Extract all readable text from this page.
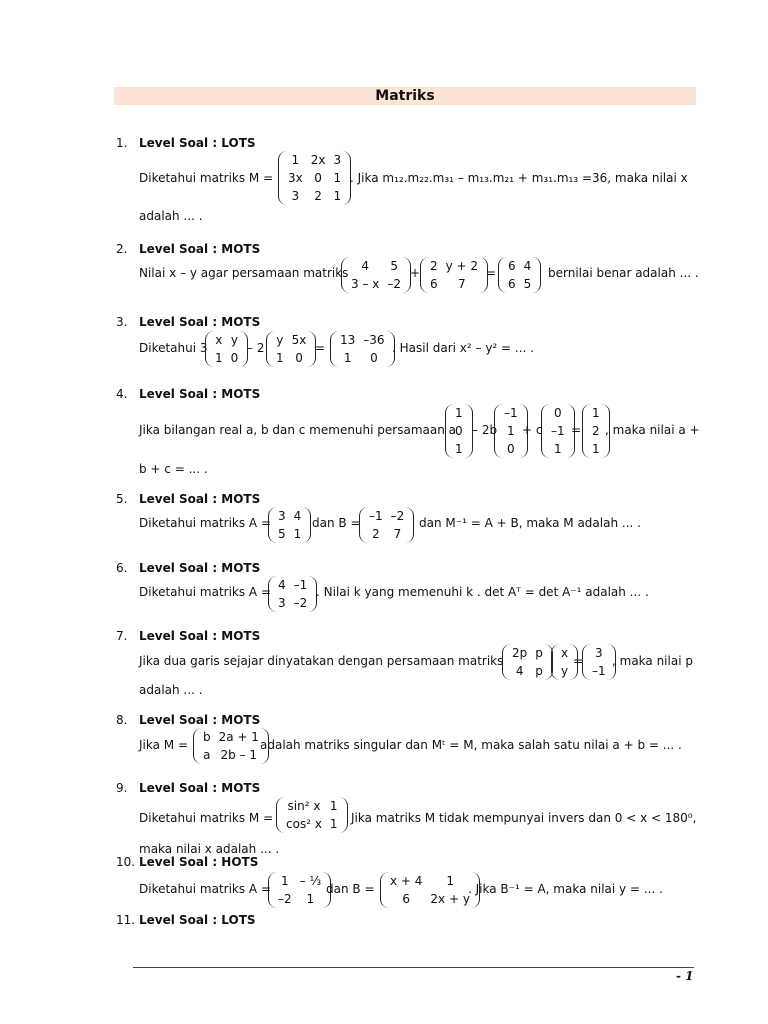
Matriks
1. Level Soal : LOTS
Diketahui matriks M =
1	2x	3
3x	0	1
3	2	1
. Jika m₁₂.m₂₂.m₃₁ – m₁₃.m₂₁ + m₃₁.m₁₃ =36, maka nilai x
adalah ... .
2. Level Soal : MOTS
Nilai x – y agar persamaan matriks 4	5
3 – x	–2
+ 2	y + 2
6	7
= 6	4
6	5
bernilai benar adalah ... .
3. Level Soal : MOTS
Diketahui 3
x	y
1	0
– 2
y	5x
1	0
=
13	–36
1	0
. Hasil dari x² – y² = ... .
4. Level Soal : MOTS
Jika bilangan real a, b dan c memenuhi persamaan a
1
0
1
– 2b
–1
1
0
+ c
0
–1
1
=
1
2
1
, maka nilai a +
b + c = ... .
5. Level Soal : MOTS
Diketahui matriks A = 3	4
5	1
dan B = –1	–2
2	7
dan M⁻¹ = A + B, maka M adalah ... .
6. Level Soal : MOTS
Diketahui matriks A = 4	–1
3	–2
. Nilai k yang memenuhi k . det Aᵀ = det A⁻¹ adalah ... .
7. Level Soal : MOTS
Jika dua garis sejajar dinyatakan dengan persamaan matriks
2p	p
4	p
x
y
=
3
–1
, maka nilai p
adalah ... .
8. Level Soal : MOTS
Jika M =
b	2a + 1
a	2b – 1
adalah matriks singular dan Mᵗ = M, maka salah satu nilai a + b = ... .
9. Level Soal : MOTS
Diketahui matriks M =
sin² x	1
cos² x	1 Jika matriks M tidak mempunyai invers dan 0 < x < 180⁰,
maka nilai x adalah ... .
10. Level Soal : HOTS
Diketahui matriks A =
1	– ⅓
–2	1
dan B =
x + 4	1
6	2x + y
. Jika B⁻¹ = A, maka nilai y = ... .
11. Level Soal : LOTS
- 1
